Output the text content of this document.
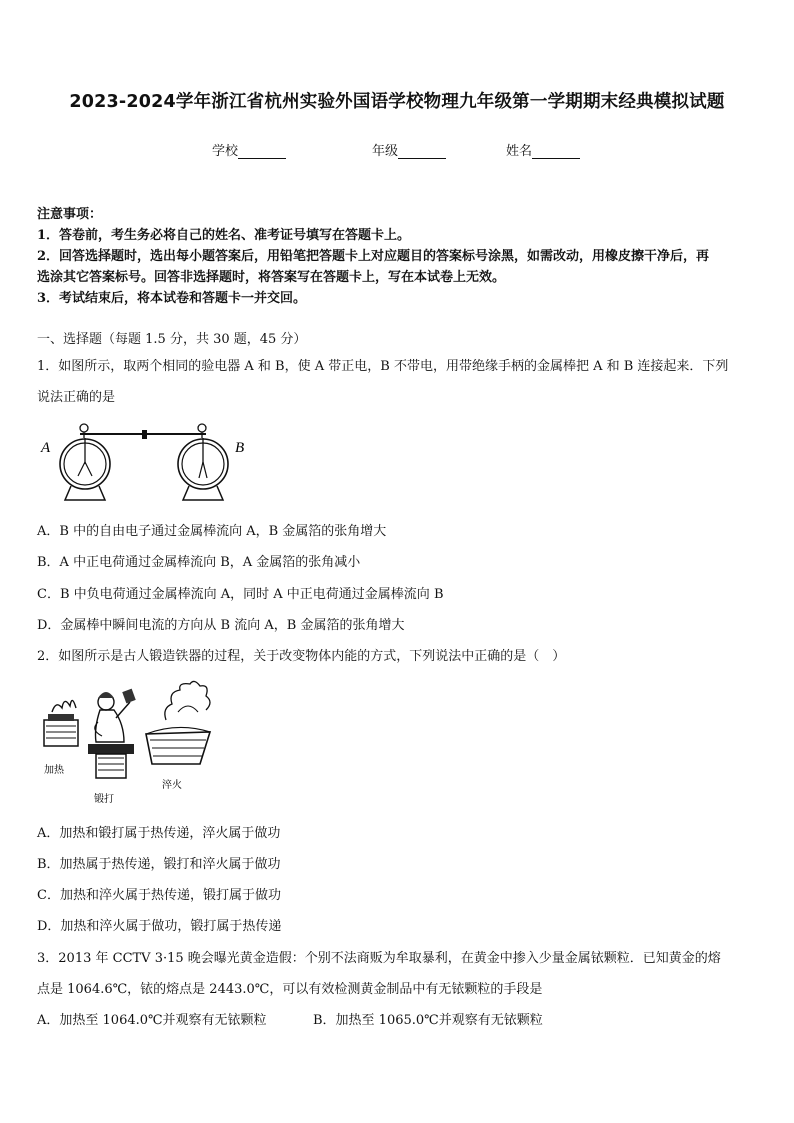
2023-2024学年浙江省杭州实验外国语学校物理九年级第一学期期末经典模拟试题
学校	年级	姓名
注意事项：
1．答卷前，考生务必将自己的姓名、准考证号填写在答题卡上。
2．回答选择题时，选出每小题答案后，用铅笔把答题卡上对应题目的答案标号涂黑，如需改动，用橡皮擦干净后，再
选涂其它答案标号。回答非选择题时，将答案写在答题卡上，写在本试卷上无效。
3．考试结束后，将本试卷和答题卡一并交回。
一、选择题（每题 1.5 分，共 30 题，45 分）
1．如图所示，取两个相同的验电器 A 和 B，使 A 带正电，B 不带电，用带绝缘手柄的金属棒把 A 和 B 连接起来．下列
说法正确的是
A	B
A．B 中的自由电子通过金属棒流向 A，B 金属箔的张角增大
B．A 中正电荷通过金属棒流向 B，A 金属箔的张角减小
C．B 中负电荷通过金属棒流向 A，同时 A 中正电荷通过金属棒流向 B
D．金属棒中瞬间电流的方向从 B 流向 A，B 金属箔的张角增大
2．如图所示是古人锻造铁器的过程，关于改变物体内能的方式，下列说法中正确的是（　）
加热
锻打
淬火
A．加热和锻打属于热传递，淬火属于做功
B．加热属于热传递，锻打和淬火属于做功
C．加热和淬火属于热传递，锻打属于做功
D．加热和淬火属于做功，锻打属于热传递
3．2013 年 CCTV 3·15 晚会曝光黄金造假：个别不法商贩为牟取暴利，在黄金中掺入少量金属铱颗粒．已知黄金的熔
点是 1064.6℃，铱的熔点是 2443.0℃，可以有效检测黄金制品中有无铱颗粒的手段是
A．加热至 1064.0℃并观察有无铱颗粒	B．加热至 1065.0℃并观察有无铱颗粒
